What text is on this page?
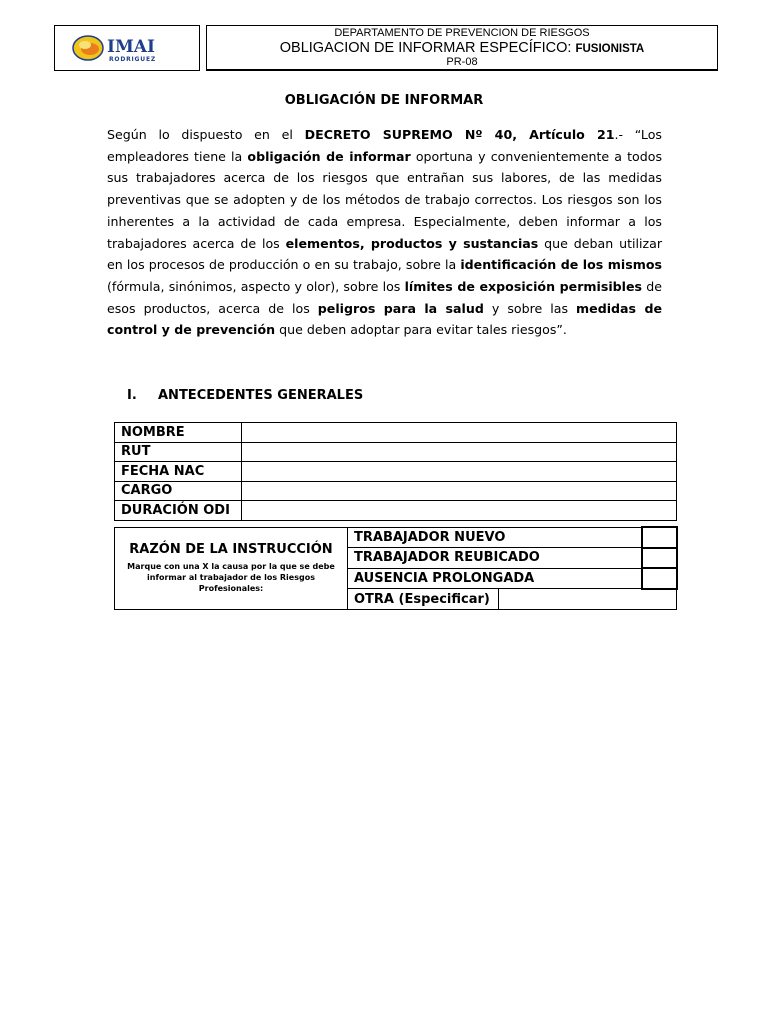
IMAI
RODRIGUEZ
DEPARTAMENTO DE PREVENCION DE RIESGOS
OBLIGACION DE INFORMAR ESPECÍFICO: FUSIONISTA
PR-08
OBLIGACIÓN DE INFORMAR

Según lo dispuesto en el DECRETO SUPREMO Nº 40, Artículo 21.- “Los empleadores tiene la obligación de informar oportuna y convenientemente a todos sus trabajadores acerca de los riesgos que entrañan sus labores, de las medidas preventivas que se adopten y de los métodos de trabajo correctos. Los riesgos son los inherentes a la actividad de cada empresa. Especialmente, deben informar a los trabajadores acerca de los elementos, productos y sustancias que deban utilizar en los procesos de producción o en su trabajo, sobre la identificación de los mismos (fórmula, sinónimos, aspecto y olor), sobre los límites de exposición permisibles de esos productos, acerca de los peligros para la salud y sobre las medidas de control y de prevención que deben adoptar para evitar tales riesgos”.

I. ANTECEDENTES GENERALES
NOMBRE	
RUT	
FECHA NAC	
CARGO	
DURACIÓN ODI	
RAZÓN DE LA INSTRUCCIÓN
Marque con una X la causa por la que se debe informar al trabajador de los Riesgos Profesionales:	TRABAJADOR NUEVO		
	TRABAJADOR REUBICADO		
	AUSENCIA PROLONGADA		
	OTRA (Especificar)		
